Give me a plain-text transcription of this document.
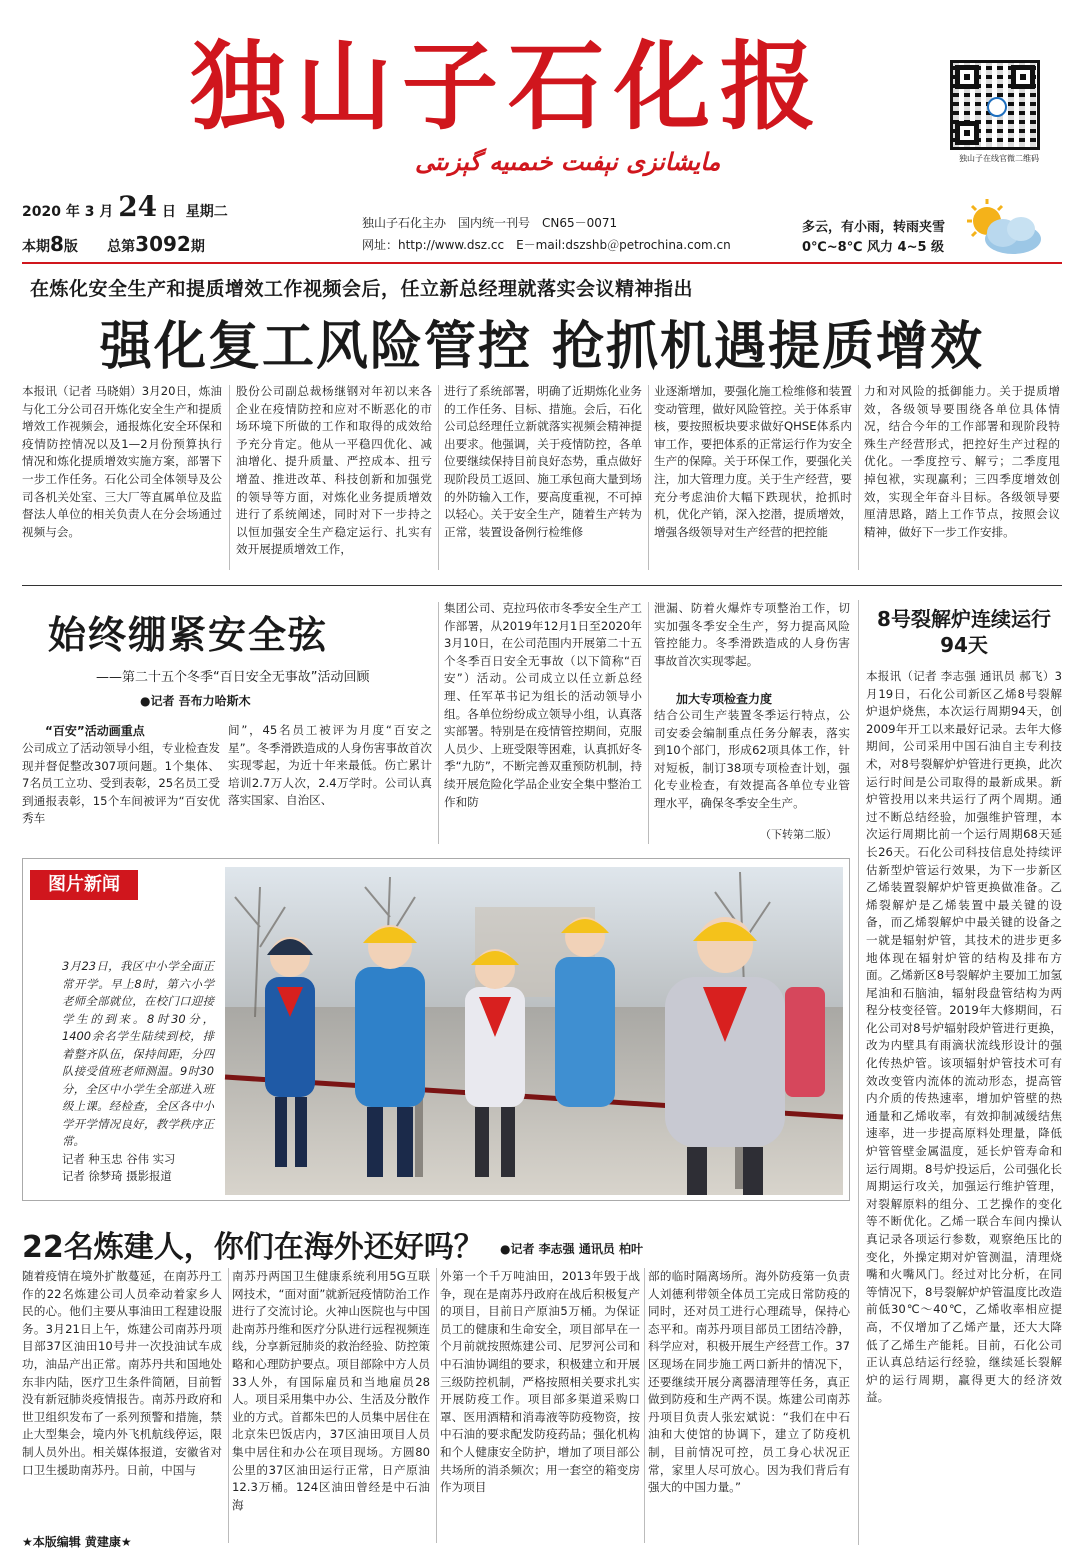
独山子石化报
مايشانزى نېفىت خىمىيە گېزىتى	独山子在线官微二维码
2020 年 3 月 24 日 星期二
本期8版 总第3092期
独山子石化主办　国内统一刊号　CN65－0071
网址：http://www.dsz.cc　E－mail:dszshb＠petrochina.com.cn
多云，有小雨，转雨夹雪
0℃~8℃ 风力 4~5 级
在炼化安全生产和提质增效工作视频会后，任立新总经理就落实会议精神指出
强化复工风险管控 抢抓机遇提质增效
本报讯（记者 马晓娟）3月20日，炼油与化工分公司召开炼化安全生产和提质增效工作视频会，通报炼化安全环保和疫情防控情况以及1—2月份预算执行情况和炼化提质增效实施方案，部署下一步工作任务。石化公司全体领导及公司各机关处室、三大厂等直属单位及监督法人单位的相关负责人在分会场通过视频与会。
股份公司副总裁杨继钢对年初以来各企业在疫情防控和应对不断恶化的市场环境下所做的工作和取得的成效给予充分肯定。他从一平稳四优化、减油增化、提升质量、严控成本、扭亏增盈、推进改革、科技创新和加强党的领导等方面，对炼化业务提质增效进行了系统阐述，同时对下一步持之以恒加强安全生产稳定运行、扎实有效开展提质增效工作，
进行了系统部署，明确了近期炼化业务的工作任务、目标、措施。会后，石化公司总经理任立新就落实视频会精神提出要求。他强调，关于疫情防控，各单位要继续保持目前良好态势，重点做好现阶段员工返回、施工承包商大量到场的外防输入工作，要高度重视，不可掉以轻心。关于安全生产，随着生产转为正常，装置设备例行检维修
业逐渐增加，要强化施工检维修和装置变动管理，做好风险管控。关于体系审核，要按照板块要求做好QHSE体系内审工作，要把体系的正常运行作为安全生产的保障。关于环保工作，要强化关注，加大管理力度。关于生产经营，要充分考虑油价大幅下跌现状，抢抓时机，优化产销，深入挖潜，提质增效，增强各级领导对生产经营的把控能
力和对风险的抵御能力。关于提质增效，各级领导要围绕各单位具体情况，结合今年的工作部署和现阶段特殊生产经营形式，把控好生产过程的优化。一季度控亏、解亏；二季度甩掉包袱，实现赢利；三四季度增效创效，实现全年奋斗目标。各级领导要厘清思路，踏上工作节点，按照会议精神，做好下一步工作安排。
始终绷紧安全弦
——第二十五个冬季“百日安全无事故”活动回顾
●记者 吾布力哈斯木
“百安”活动画重点
公司成立了活动领导小组，专业检查发现并督促整改307项问题。1个集体、7名员工立功、受到表彰，25名员工受到通报表彰，15个车间被评为“百安优秀车
间”，45名员工被评为月度“百安之星”。冬季滑跌造成的人身伤害事故首次实现零起，为近十年来最低。伤亡累计培训2.7万人次，2.4万学时。公司认真落实国家、自治区、
集团公司、克拉玛依市冬季安全生产工作部署，从2019年12月1日至2020年3月10日，在公司范围内开展第二十五个冬季百日安全无事故（以下简称“百安”）活动。公司成立以任立新总经理、任军革书记为组长的活动领导小组。各单位纷纷成立领导小组，认真落实部署。特别是在疫情管控期间，克服人员少、上班受限等困难，认真抓好冬季“九防”，不断完善双重预防机制，持续开展危险化学品企业安全集中整治工作和防
泄漏、防着火爆炸专项整治工作，切实加强冬季安全生产，努力提高风险管控能力。冬季滑跌造成的人身伤害事故首次实现零起。
加大专项检查力度
结合公司生产装置冬季运行特点，公司安委会编制重点任务分解表，落实到10个部门，形成62项具体工作，针对短板，制订38项专项检查计划，强化专业检查，有效提高各单位专业管理水平，确保冬季安全生产。
（下转第二版）
8号裂解炉连续运行94天
本报讯（记者 李志强 通讯员 郝飞）3月19日，石化公司新区乙烯8号裂解炉退炉烧焦，本次运行周期94天，创2009年开工以来最好记录。去年大修期间，公司采用中国石油自主专利技术，对8号裂解炉炉管进行更换，此次运行时间是公司取得的最新成果。新炉管投用以来共运行了两个周期。通过不断总结经验，加强维护管理，本次运行周期比前一个运行周期68天延长26天。石化公司科技信息处持续评估新型炉管运行效果，为下一步新区乙烯装置裂解炉炉管更换做准备。乙烯裂解炉是乙烯装置中最关键的设备，而乙烯裂解炉中最关键的设备之一就是辐射炉管，其技术的进步更多地体现在辐射炉管的结构及排布方面。乙烯新区8号裂解炉主要加工加氢尾油和石脑油，辐射段盘管结构为两程分枝变径管。2019年大修期间，石化公司对8号炉辐射段炉管进行更换，改为内壁具有雨滴状流线形设计的强化传热炉管。该项辐射炉管技术可有效改变管内流体的流动形态，提高管内介质的传热速率，增加炉管壁的热通量和乙烯收率，有效抑制减缓结焦速率，进一步提高原料处理量，降低炉管管壁金属温度，延长炉管寿命和运行周期。8号炉投运后，公司强化长周期运行攻关，加强运行维护管理，对裂解原料的组分、工艺操作的变化等不断优化。乙烯一联合车间内操认真记录各项运行参数，观察绝压比的变化，外操定期对炉管测温，清理烧嘴和火嘴风门。经过对比分析，在同等情况下，8号裂解炉炉管温度比改造前低30℃～40℃，乙烯收率相应提高，不仅增加了乙烯产量，还大大降低了乙烯生产能耗。目前，石化公司正认真总结运行经验，继续延长裂解炉的运行周期，赢得更大的经济效益。
图片新闻
3月23日，我区中小学全面正常开学。早上8时，第六小学老师全部就位，在校门口迎接学生的到来。8时30分，1400余名学生陆续到校，排着整齐队伍，保持间距，分四队接受值班老师测温。9时30分，全区中小学生全部进入班级上课。经检查，全区各中小学开学情况良好，教学秩序正常。
记者 种玉忠 谷伟 实习
记者 徐梦琦 摄影报道
22名炼建人，你们在海外还好吗？ ●记者 李志强 通讯员 柏叶
随着疫情在境外扩散蔓延，在南苏丹工作的22名炼建公司人员牵动着家乡人民的心。他们主要从事油田工程建设服务。3月21日上午，炼建公司南苏丹项目部37区油田10号井一次投油试车成功，油品产出正常。南苏丹共和国地处东非内陆，医疗卫生条件简陋，目前暂没有新冠肺炎疫情报告。南苏丹政府和世卫组织发布了一系列预警和措施，禁止大型集会，境内外飞机航线停运，限制人员外出。相关媒体报道，安徽省对口卫生援助南苏丹。日前，中国与
★本版编辑 黄建康★
南苏丹两国卫生健康系统利用5G互联网技术，“面对面”就新冠疫情防治工作进行了交流讨论。火神山医院也与中国赴南苏丹维和医疗分队进行远程视频连线，分享新冠肺炎的救治经验、防控策略和心理防护要点。项目部除中方人员33人外，有国际雇员和当地雇员28人。项目采用集中办公、生活及分散作业的方式。首都朱巴的人员集中居住在北京朱巴饭店内，37区油田项目人员集中居住和办公在项目现场。方圆80公里的37区油田运行正常，日产原油12.3万桶。124区油田曾经是中石油海
外第一个千万吨油田，2013年毁于战争，现在是南苏丹政府在战后积极复产的项目，目前日产原油5万桶。为保证员工的健康和生命安全，项目部早在一个月前就按照炼建公司、尼罗河公司和中石油协调组的要求，积极建立和开展三级防控机制，严格按照相关要求扎实开展防疫工作。项目部多渠道采购口罩、医用酒精和消毒液等防疫物资，按中石油的要求配发防疫药品；强化机构和个人健康安全防护，增加了项目部公共场所的消杀频次；用一套空的箱变房作为项目
部的临时隔离场所。海外防疫第一负责人刘德利带领全体员工完成日常防疫的同时，还对员工进行心理疏导，保持心态平和。南苏丹项目部员工团结冷静，科学应对，积极开展生产经营工作。37区现场在同步施工两口新井的情况下，还要继续开展分离器清理等任务，真正做到防疫和生产两不误。炼建公司南苏丹项目负责人张宏斌说：“我们在中石油和大使馆的协调下，建立了防疫机制，目前情况可控，员工身心状况正常，家里人尽可放心。因为我们背后有强大的中国力量。”
